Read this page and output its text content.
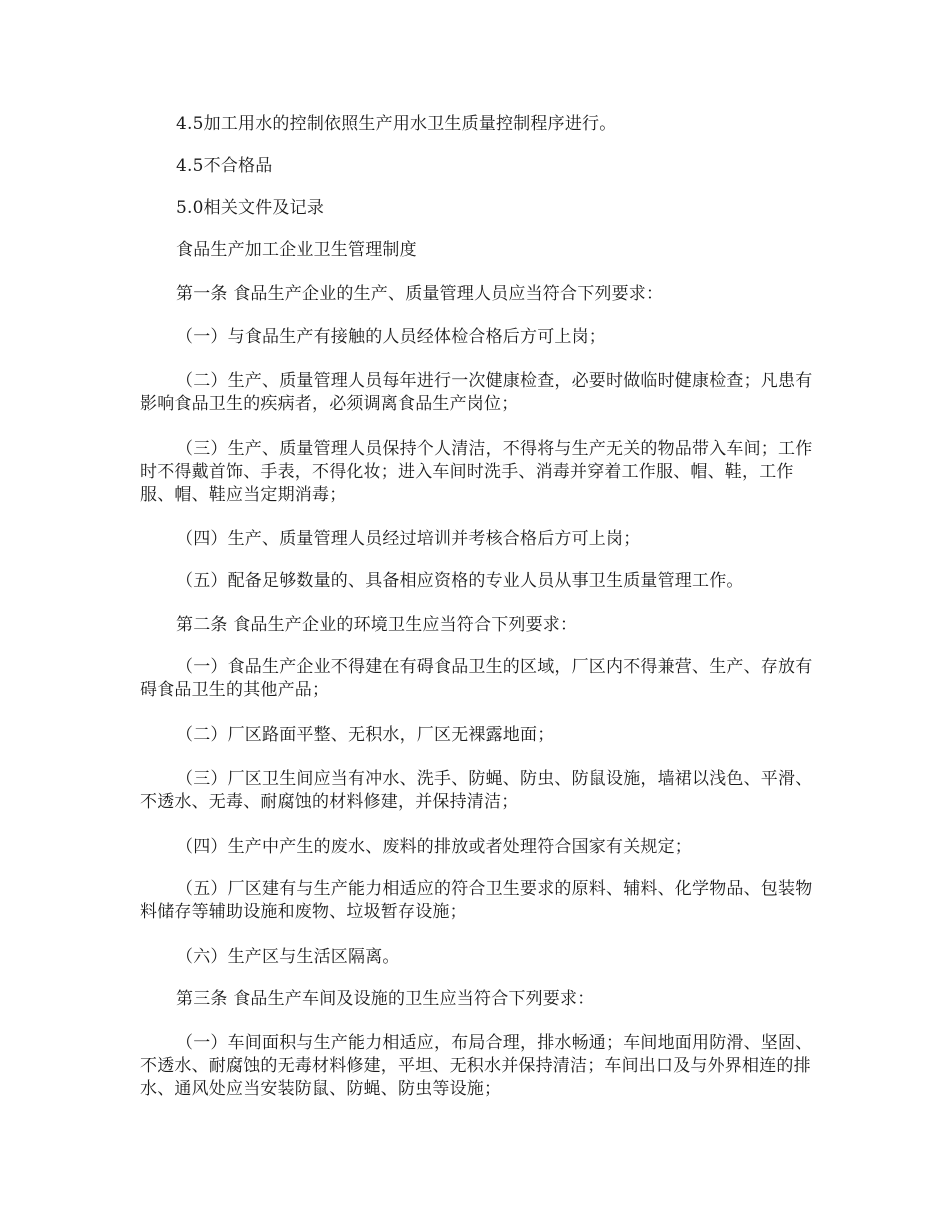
4.5加工用水的控制依照生产用水卫生质量控制程序进行。

4.5不合格品

5.0相关文件及记录

食品生产加工企业卫生管理制度

第一条 食品生产企业的生产、质量管理人员应当符合下列要求：

（一）与食品生产有接触的人员经体检合格后方可上岗；

（二）生产、质量管理人员每年进行一次健康检查，必要时做临时健康检查；凡患有影响食品卫生的疾病者，必须调离食品生产岗位；

（三）生产、质量管理人员保持个人清洁，不得将与生产无关的物品带入车间；工作时不得戴首饰、手表，不得化妆；进入车间时洗手、消毒并穿着工作服、帽、鞋，工作服、帽、鞋应当定期消毒；

（四）生产、质量管理人员经过培训并考核合格后方可上岗；

（五）配备足够数量的、具备相应资格的专业人员从事卫生质量管理工作。

第二条 食品生产企业的环境卫生应当符合下列要求：

（一）食品生产企业不得建在有碍食品卫生的区域，厂区内不得兼营、生产、存放有碍食品卫生的其他产品；

（二）厂区路面平整、无积水，厂区无裸露地面；

（三）厂区卫生间应当有冲水、洗手、防蝇、防虫、防鼠设施，墙裙以浅色、平滑、不透水、无毒、耐腐蚀的材料修建，并保持清洁；

（四）生产中产生的废水、废料的排放或者处理符合国家有关规定；

（五）厂区建有与生产能力相适应的符合卫生要求的原料、辅料、化学物品、包装物料储存等辅助设施和废物、垃圾暂存设施；

（六）生产区与生活区隔离。

第三条 食品生产车间及设施的卫生应当符合下列要求：

（一）车间面积与生产能力相适应，布局合理，排水畅通；车间地面用防滑、坚固、不透水、耐腐蚀的无毒材料修建，平坦、无积水并保持清洁；车间出口及与外界相连的排水、通风处应当安装防鼠、防蝇、防虫等设施；
